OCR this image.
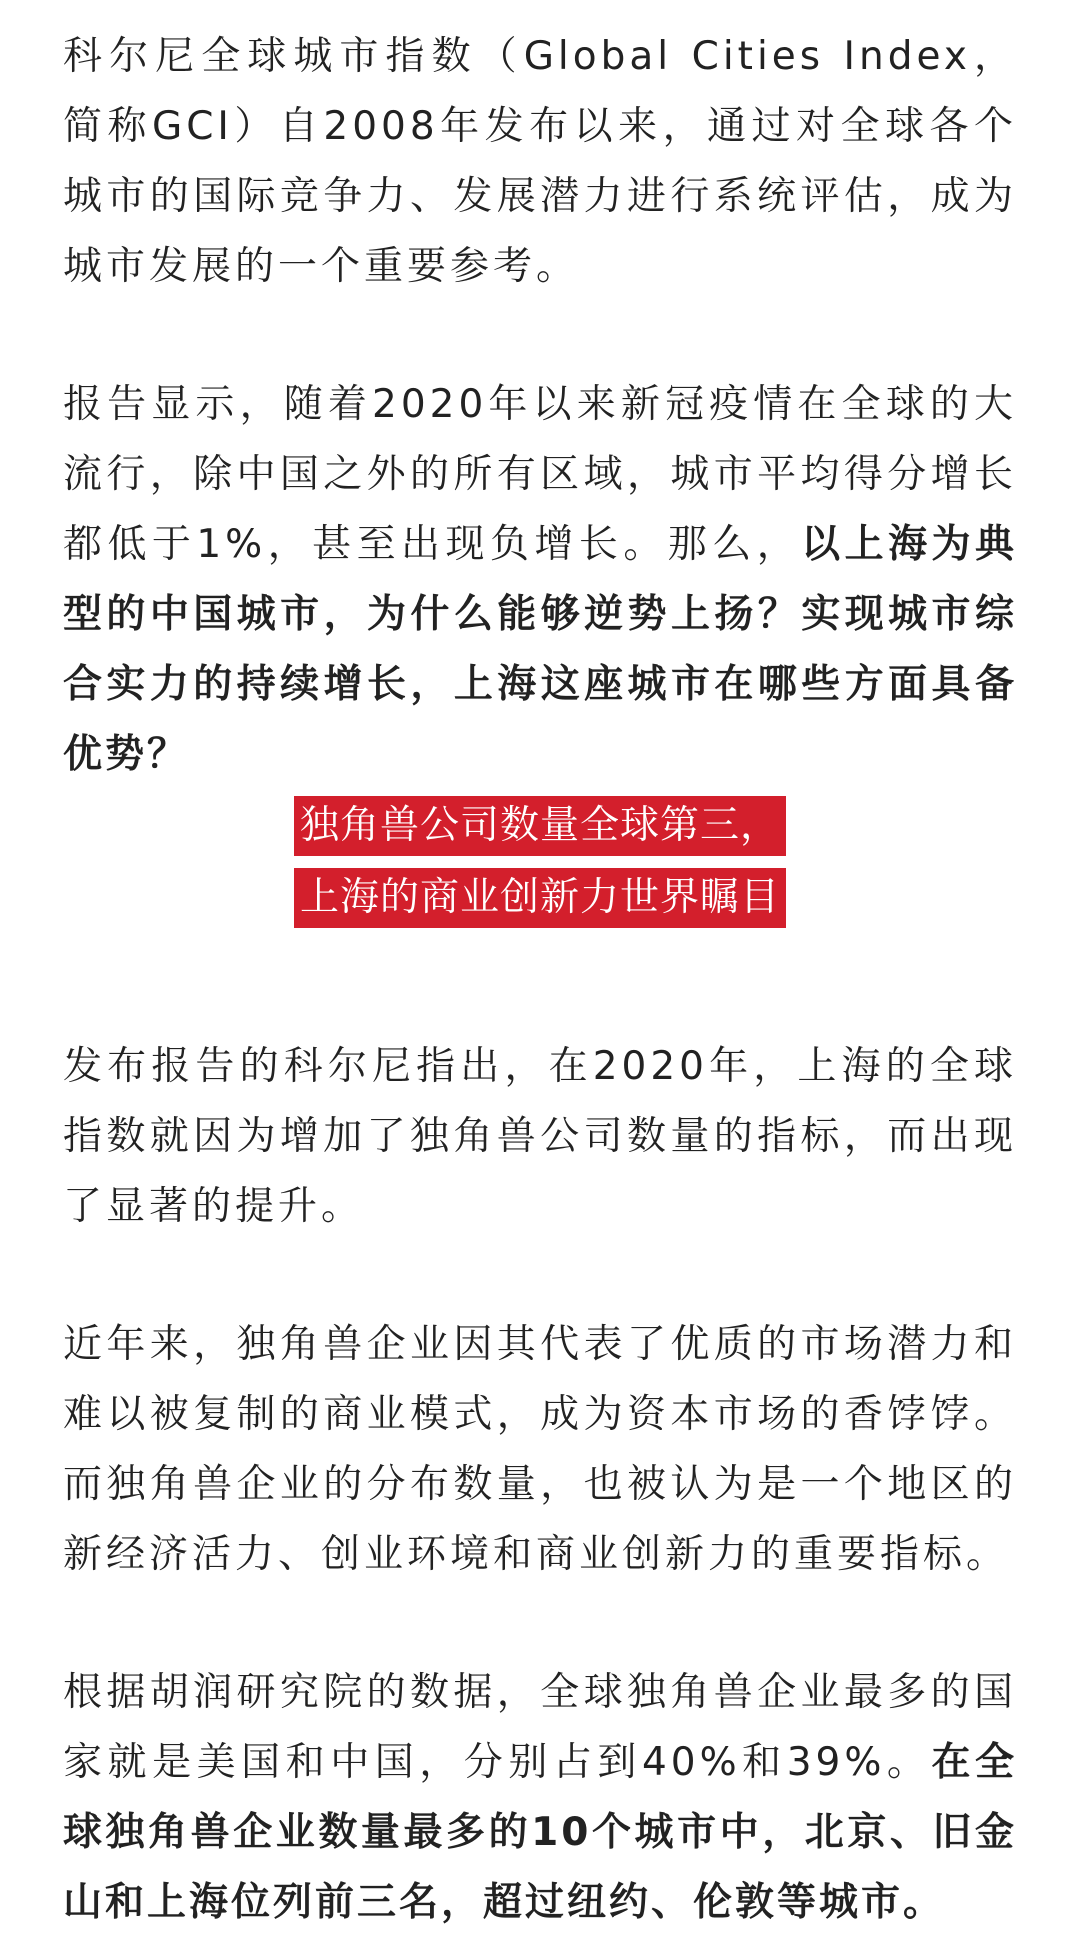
科尔尼全球城市指数（Global Cities Index，简称GCI）自2008年发布以来，通过对全球各个城市的国际竞争力、发展潜力进行系统评估，成为城市发展的一个重要参考。

报告显示，随着2020年以来新冠疫情在全球的大流行，除中国之外的所有区域，城市平均得分增长都低于1%，甚至出现负增长。那么，以上海为典型的中国城市，为什么能够逆势上扬？实现城市综合实力的持续增长，上海这座城市在哪些方面具备优势？

独角兽公司数量全球第三，
上海的商业创新力世界瞩目

发布报告的科尔尼指出，在2020年，上海的全球指数就因为增加了独角兽公司数量的指标，而出现了显著的提升。

近年来，独角兽企业因其代表了优质的市场潜力和难以被复制的商业模式，成为资本市场的香饽饽。而独角兽企业的分布数量，也被认为是一个地区的新经济活力、创业环境和商业创新力的重要指标。

根据胡润研究院的数据，全球独角兽企业最多的国家就是美国和中国，分别占到40%和39%。在全球独角兽企业数量最多的10个城市中，北京、旧金山和上海位列前三名，超过纽约、伦敦等城市。
